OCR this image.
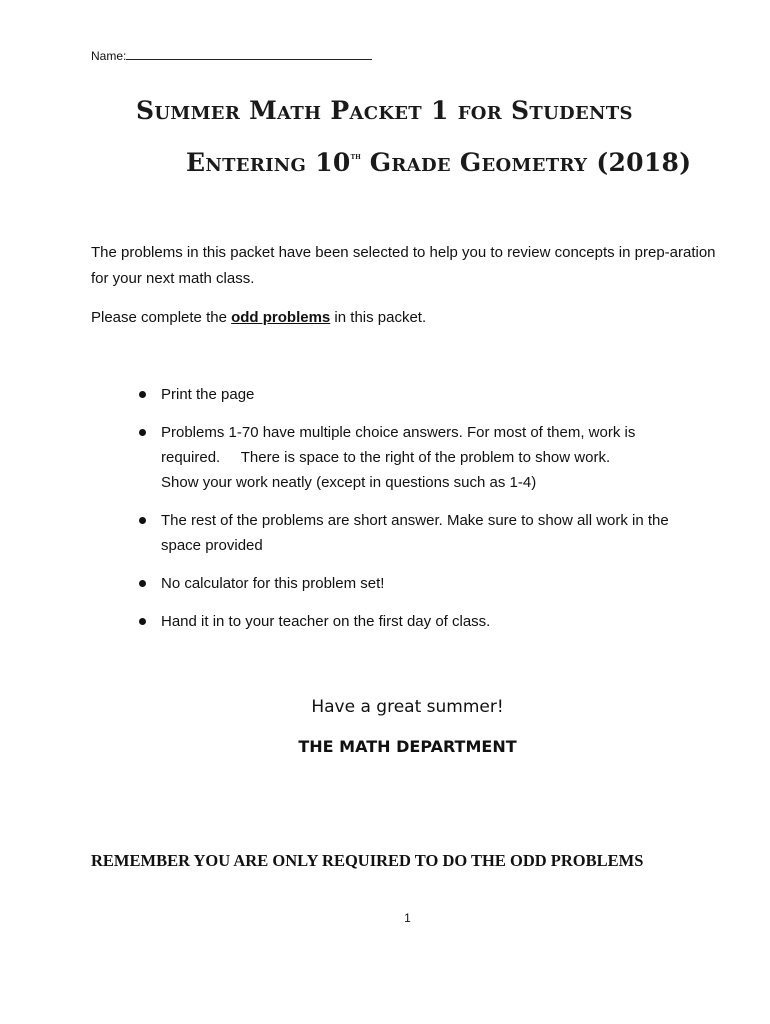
Name:
Summer Math Packet 1 for Students
Entering 10th Grade Geometry (2018)
The problems in this packet have been selected to help you to review concepts in prep-aration for your next math class.
Please complete the odd problems in this packet.
Print the page
Problems 1-70 have multiple choice answers. For most of them, work is
required.     There is space to the right of the problem to show work.
Show your work neatly (except in questions such as 1-4)
The rest of the problems are short answer. Make sure to show all work in the
space provided
No calculator for this problem set!
Hand it in to your teacher on the first day of class.
Have a great summer!
THE MATH DEPARTMENT
REMEMBER YOU ARE ONLY REQUIRED TO DO THE ODD PROBLEMS
1
